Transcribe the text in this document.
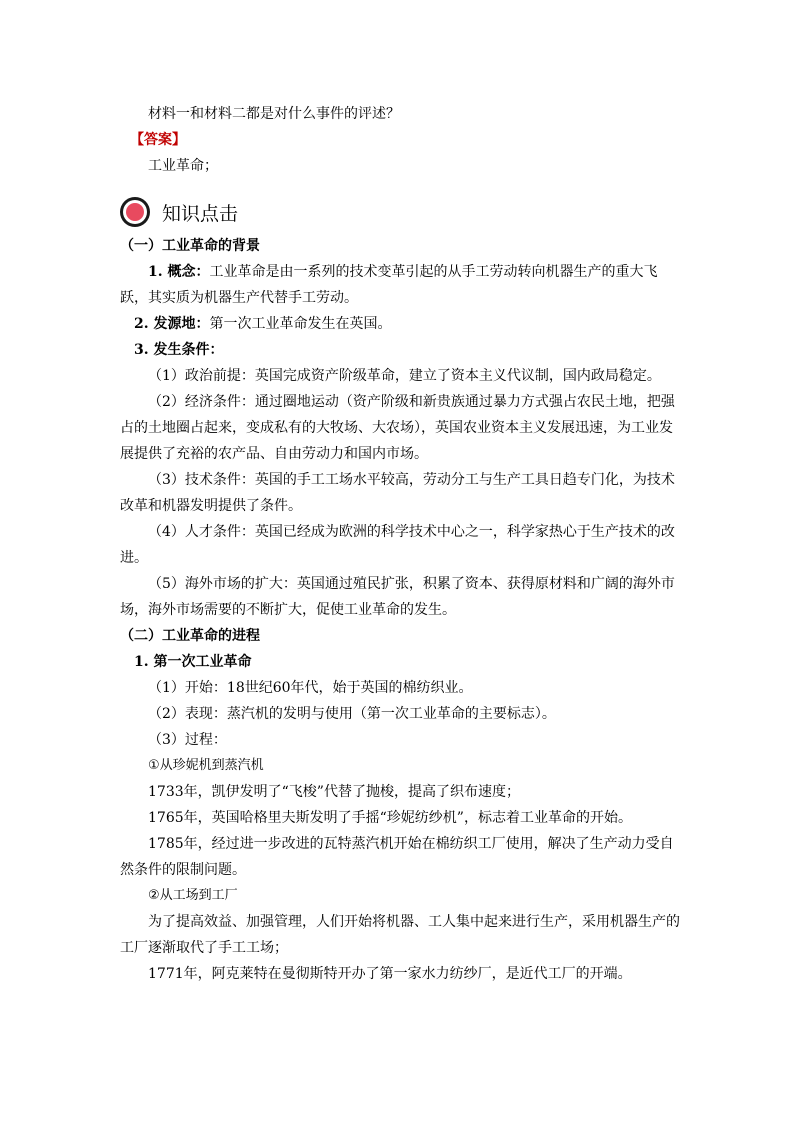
材料一和材料二都是对什么事件的评述？

【答案】

工业革命；

知识点击

（一）工业革命的背景

1. 概念：工业革命是由一系列的技术变革引起的从手工劳动转向机器生产的重大飞跃，其实质为机器生产代替手工劳动。

2. 发源地：第一次工业革命发生在英国。

3. 发生条件：

（1）政治前提：英国完成资产阶级革命，建立了资本主义代议制，国内政局稳定。

（2）经济条件：通过圈地运动（资产阶级和新贵族通过暴力方式强占农民土地，把强占的土地圈占起来，变成私有的大牧场、大农场），英国农业资本主义发展迅速，为工业发展提供了充裕的农产品、自由劳动力和国内市场。

（3）技术条件：英国的手工工场水平较高，劳动分工与生产工具日趋专门化，为技术改革和机器发明提供了条件。

（4）人才条件：英国已经成为欧洲的科学技术中心之一，科学家热心于生产技术的改进。

（5）海外市场的扩大：英国通过殖民扩张，积累了资本、获得原材料和广阔的海外市场，海外市场需要的不断扩大，促使工业革命的发生。

（二）工业革命的进程

1. 第一次工业革命

（1）开始：18世纪60年代，始于英国的棉纺织业。

（2）表现：蒸汽机的发明与使用（第一次工业革命的主要标志）。

（3）过程：

①从珍妮机到蒸汽机

1733年，凯伊发明了“飞梭”代替了抛梭，提高了织布速度；

1765年，英国哈格里夫斯发明了手摇“珍妮纺纱机”，标志着工业革命的开始。

1785年，经过进一步改进的瓦特蒸汽机开始在棉纺织工厂使用，解决了生产动力受自然条件的限制问题。

②从工场到工厂

为了提高效益、加强管理，人们开始将机器、工人集中起来进行生产，采用机器生产的工厂逐渐取代了手工工场；

1771年，阿克莱特在曼彻斯特开办了第一家水力纺纱厂，是近代工厂的开端。
